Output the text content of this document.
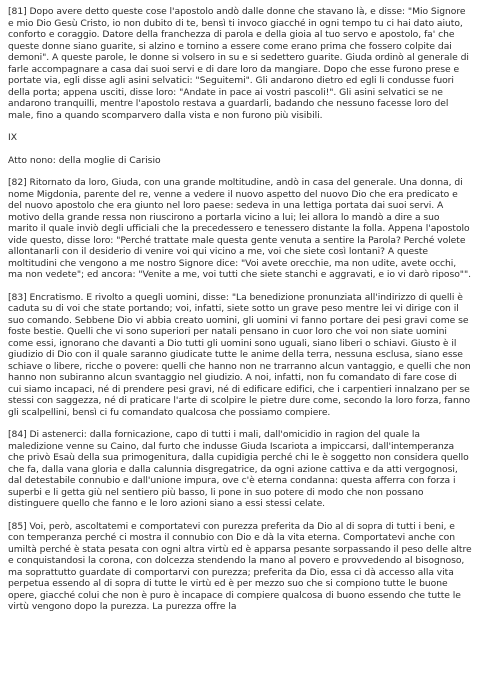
[81] Dopo avere detto queste cose l'apostolo andò dalle donne che stavano là, e disse: "Mio Signore e mio Dio Gesù Cristo, io non dubito di te, bensì ti invoco giacché in ogni tempo tu ci hai dato aiuto, conforto e coraggio. Datore della franchezza di parola e della gioia al tuo servo e apostolo, fa' che queste donne siano guarite, si alzino e tornino a essere come erano prima che fossero colpite dai demoni". A queste parole, le donne si volsero in su e si sedettero guarite. Giuda ordinò al generale di farle accompagnare a casa dai suoi servi e di dare loro da mangiare. Dopo che esse furono prese e portate via, egli disse agli asini selvatici: "Seguitemi". Gli andarono dietro ed egli li condusse fuori della porta; appena usciti, disse loro: "Andate in pace ai vostri pascoli!". Gli asini selvatici se ne andarono tranquilli, mentre l'apostolo restava a guardarli, badando che nessuno facesse loro del male, fino a quando scomparvero dalla vista e non furono più visibili.

IX

Atto nono: della moglie di Carisio

[82] Ritornato da loro, Giuda, con una grande moltitudine, andò in casa del generale. Una donna, di nome Migdonia, parente del re, venne a vedere il nuovo aspetto del nuovo Dio che era predicato e del nuovo apostolo che era giunto nel loro paese: sedeva in una lettiga portata dai suoi servi. A motivo della grande ressa non riuscirono a portarla vicino a lui; lei allora lo mandò a dire a suo marito il quale inviò degli ufficiali che la precedessero e tenessero distante la folla. Appena l'apostolo vide questo, disse loro: "Perché trattate male questa gente venuta a sentire la Parola? Perché volete allontanarli con il desiderio di venire voi qui vicino a me, voi che siete così lontani? A queste moltitudini che vengono a me nostro Signore dice: "Voi avete orecchie, ma non udite, avete occhi, ma non vedete"; ed ancora: "Venite a me, voi tutti che siete stanchi e aggravati, e io vi darò riposo"".

[83] Encratismo. E rivolto a quegli uomini, disse: "La benedizione pronunziata all'indirizzo di quelli è caduta su di voi che state portando; voi, infatti, siete sotto un grave peso mentre lei vi dirige con il suo comando. Sebbene Dio vi abbia creato uomini, gli uomini vi fanno portare dei pesi gravi come se foste bestie. Quelli che vi sono superiori per natali pensano in cuor loro che voi non siate uomini come essi, ignorano che davanti a Dio tutti gli uomini sono uguali, siano liberi o schiavi. Giusto è il giudizio di Dio con il quale saranno giudicate tutte le anime della terra, nessuna esclusa, siano esse schiave o libere, ricche o povere: quelli che hanno non ne trarranno alcun vantaggio, e quelli che non hanno non subiranno alcun svantaggio nel giudizio. A noi, infatti, non fu comandato di fare cose di cui siamo incapaci, né di prendere pesi gravi, né di edificare edifici, che i carpentieri innalzano per se stessi con saggezza, né di praticare l'arte di scolpire le pietre dure come, secondo la loro forza, fanno gli scalpellini, bensì ci fu comandato qualcosa che possiamo compiere.

[84] Di astenerci: dalla fornicazione, capo di tutti i mali, dall'omicidio in ragion del quale la maledizione venne su Caino, dal furto che indusse Giuda Iscariota a impiccarsi, dall'intemperanza che privò Esaù della sua primogenitura, dalla cupidigia perché chi le è soggetto non considera quello che fa, dalla vana gloria e dalla calunnia disgregatrice, da ogni azione cattiva e da atti vergognosi, dal detestabile connubio e dall'unione impura, ove c'è eterna condanna: questa afferra con forza i superbi e li getta giù nel sentiero più basso, li pone in suo potere di modo che non possano distinguere quello che fanno e le loro azioni siano a essi stessi celate.

[85] Voi, però, ascoltatemi e comportatevi con purezza preferita da Dio al di sopra di tutti i beni, e con temperanza perché ci mostra il connubio con Dio e dà la vita eterna. Comportatevi anche con umiltà perché è stata pesata con ogni altra virtù ed è apparsa pesante sorpassando il peso delle altre e conquistandosi la corona, con dolcezza stendendo la mano al povero e provvedendo al bisognoso, ma soprattutto guardate di comportarvi con purezza; preferita da Dio, essa ci dà accesso alla vita perpetua essendo al di sopra di tutte le virtù ed è per mezzo suo che si compiono tutte le buone opere, giacché colui che non è puro è incapace di compiere qualcosa di buono essendo che tutte le virtù vengono dopo la purezza. La purezza offre la
